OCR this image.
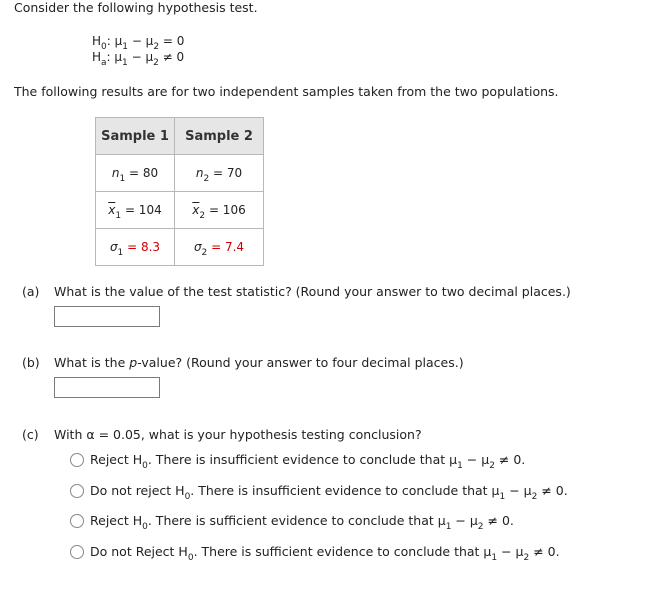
Consider the following hypothesis test.
$H_0$: $\mu_1 - \mu_2 = 0$
$H_a$: $\mu_1 - \mu_2 \ne 0$
The following results are for two independent samples taken from the two populations.
Sample 1	Sample 2
$n_1 = 80$	$n_2 = 70$
$\overline{x}_1 = 104$	$\overline{x}_2 = 106$
$\sigma_1 = 8.3$	$\sigma_2 = 7.4$
(a) What is the value of the test statistic? (Round your answer to two decimal places.)
(b) What is the p-value? (Round your answer to four decimal places.)
(c) With α = 0.05, what is your hypothesis testing conclusion?
Reject $H_0$. There is insufficient evidence to conclude that $\mu_1 - \mu_2 \ne 0$.
Do not reject $H_0$. There is insufficient evidence to conclude that $\mu_1 - \mu_2 \ne 0$.
Reject $H_0$. There is sufficient evidence to conclude that $\mu_1 - \mu_2 \ne 0$.
Do not Reject $H_0$. There is sufficient evidence to conclude that $\mu_1 - \mu_2 \ne 0$.
